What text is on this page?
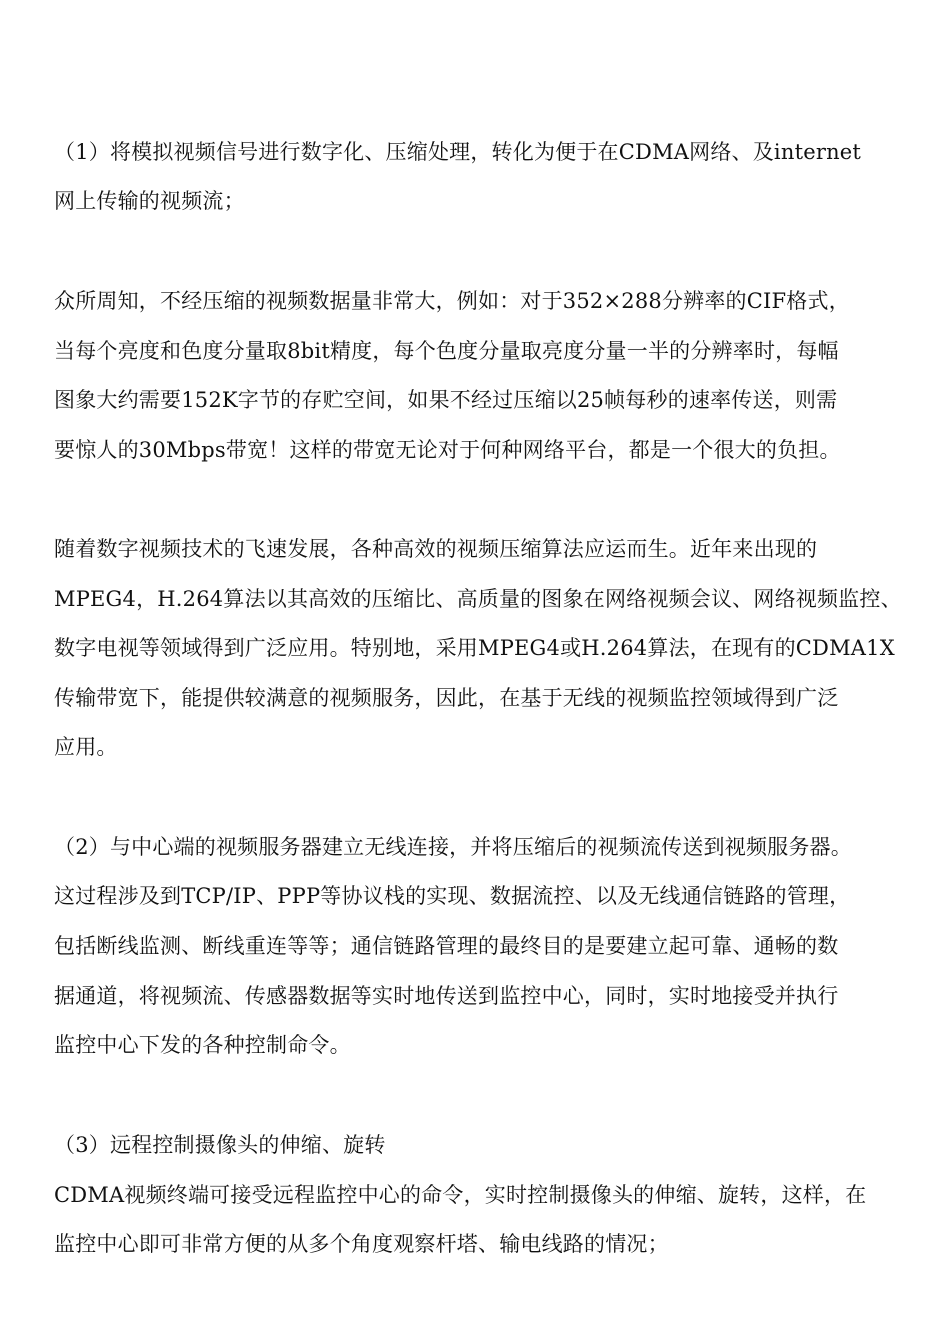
（1）将模拟视频信号进行数字化、压缩处理，转化为便于在CDMA网络、及internet
网上传输的视频流；
众所周知，不经压缩的视频数据量非常大，例如：对于352×288分辨率的CIF格式，
当每个亮度和色度分量取8bit精度，每个色度分量取亮度分量一半的分辨率时，每幅
图象大约需要152K字节的存贮空间，如果不经过压缩以25帧每秒的速率传送，则需
要惊人的30Mbps带宽！这样的带宽无论对于何种网络平台，都是一个很大的负担。
随着数字视频技术的飞速发展，各种高效的视频压缩算法应运而生。近年来出现的
MPEG4，H.264算法以其高效的压缩比、高质量的图象在网络视频会议、网络视频监控、
数字电视等领域得到广泛应用。特别地，采用MPEG4或H.264算法，在现有的CDMA1X
传输带宽下，能提供较满意的视频服务，因此，在基于无线的视频监控领域得到广泛
应用。
（2）与中心端的视频服务器建立无线连接，并将压缩后的视频流传送到视频服务器。
这过程涉及到TCP/IP、PPP等协议栈的实现、数据流控、以及无线通信链路的管理，
包括断线监测、断线重连等等；通信链路管理的最终目的是要建立起可靠、通畅的数
据通道，将视频流、传感器数据等实时地传送到监控中心，同时，实时地接受并执行
监控中心下发的各种控制命令。
（3）远程控制摄像头的伸缩、旋转
CDMA视频终端可接受远程监控中心的命令，实时控制摄像头的伸缩、旋转，这样，在
监控中心即可非常方便的从多个角度观察杆塔、输电线路的情况；
